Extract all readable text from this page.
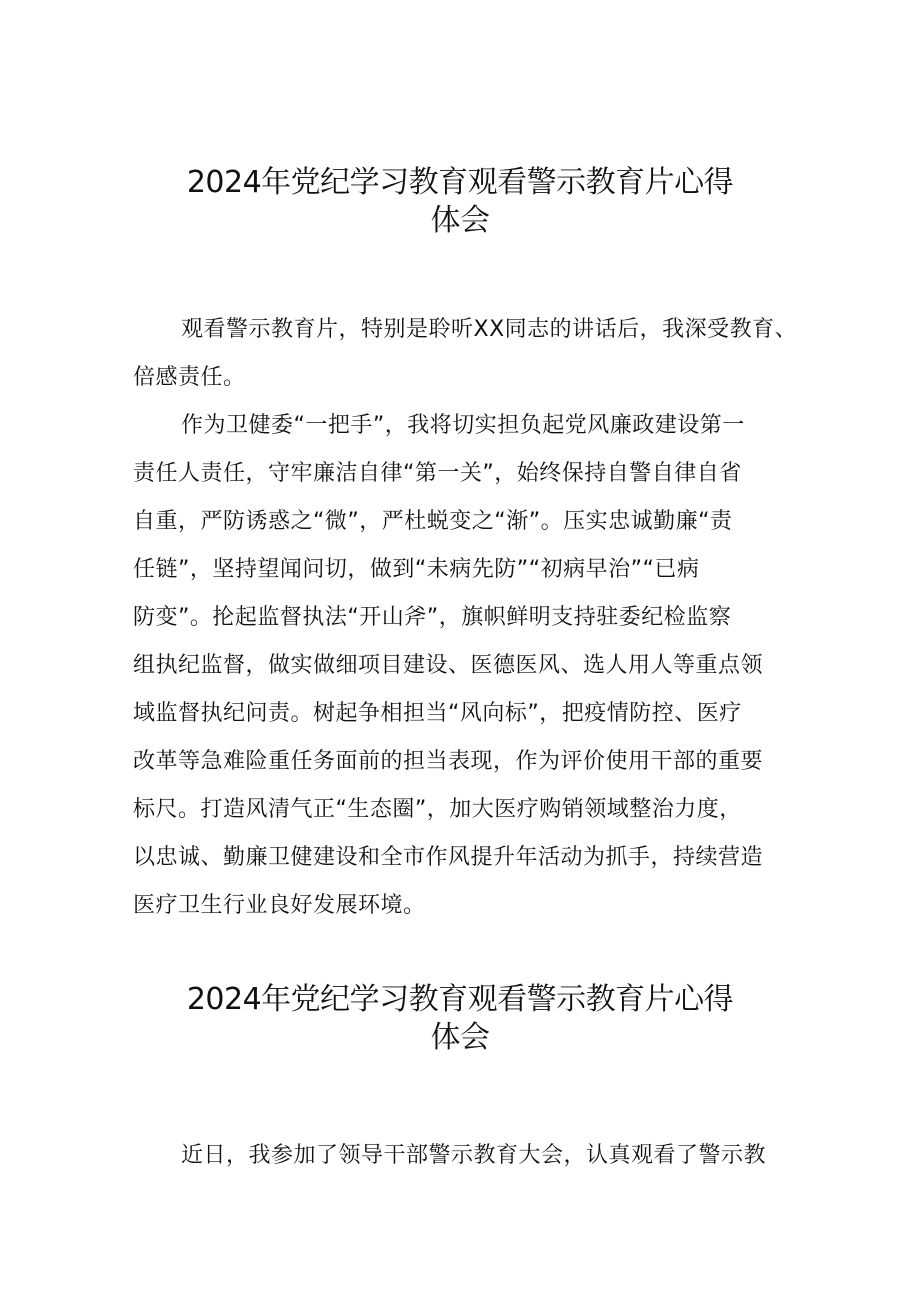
2024年党纪学习教育观看警示教育片心得
体会

观看警示教育片，特别是聆听XX同志的讲话后，我深受教育、
倍感责任。

作为卫健委“一把手”，我将切实担负起党风廉政建设第一
责任人责任，守牢廉洁自律“第一关”，始终保持自警自律自省
自重，严防诱惑之“微”，严杜蜕变之“渐”。压实忠诚勤廉“责
任链”，坚持望闻问切，做到“未病先防”“初病早治”“已病
防变”。抡起监督执法“开山斧”，旗帜鲜明支持驻委纪检监察
组执纪监督，做实做细项目建设、医德医风、选人用人等重点领
域监督执纪问责。树起争相担当“风向标”，把疫情防控、医疗
改革等急难险重任务面前的担当表现，作为评价使用干部的重要
标尺。打造风清气正“生态圈”，加大医疗购销领域整治力度，
以忠诚、勤廉卫健建设和全市作风提升年活动为抓手，持续营造
医疗卫生行业良好发展环境。

2024年党纪学习教育观看警示教育片心得
体会

近日，我参加了领导干部警示教育大会，认真观看了警示教
